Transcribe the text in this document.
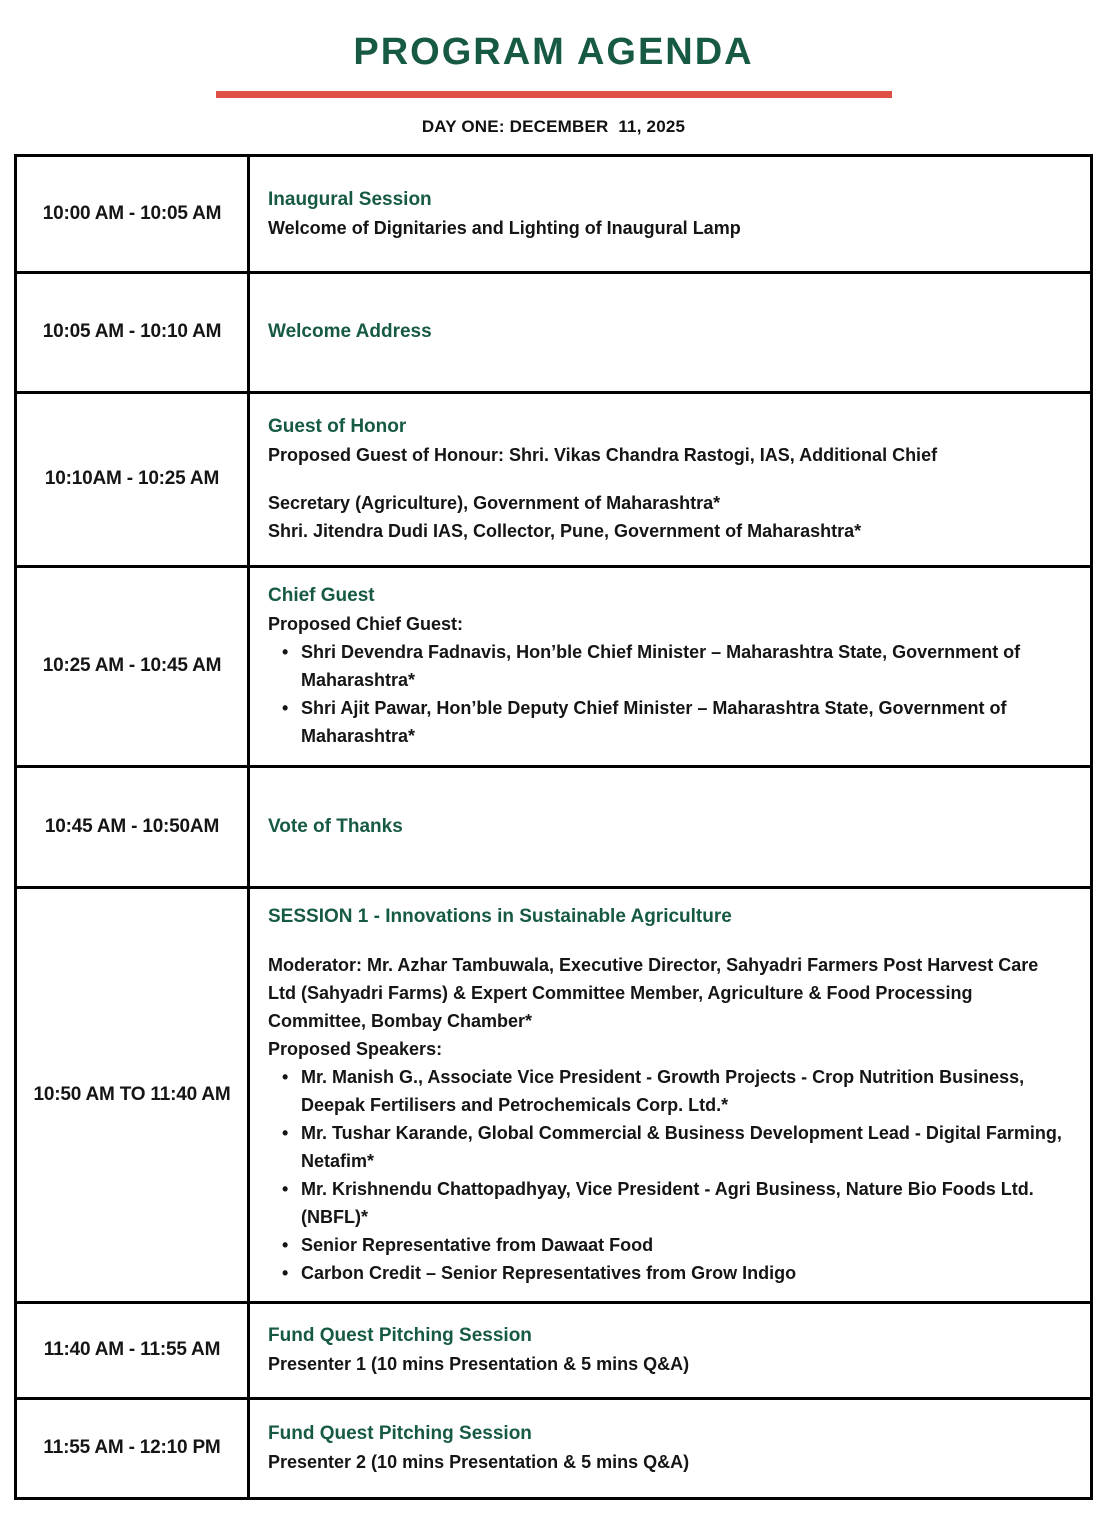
PROGRAM AGENDA
DAY ONE: DECEMBER  11, 2025
10:00 AM - 10:05 AM	Inaugural Session
Welcome of Dignitaries and Lighting of Inaugural Lamp

10:05 AM - 10:10 AM	Welcome Address

10:10AM - 10:25 AM	Guest of Honor
Proposed Guest of Honour: Shri. Vikas Chandra Rastogi, IAS, Additional Chief
Secretary (Agriculture), Government of Maharashtra*
Shri. Jitendra Dudi IAS, Collector, Pune, Government of Maharashtra*

10:25 AM - 10:45 AM	
Chief Guest
Proposed Chief Guest:
• Shri Devendra Fadnavis, Hon’ble Chief Minister – Maharashtra State, Government of Maharashtra*
• Shri Ajit Pawar, Hon’ble Deputy Chief Minister – Maharashtra State, Government of Maharashtra*

10:45 AM - 10:50AM	Vote of Thanks

10:50 AM TO 11:40 AM	
SESSION 1 - Innovations in Sustainable Agriculture
Moderator: Mr. Azhar Tambuwala, Executive Director, Sahyadri Farmers Post Harvest Care Ltd (Sahyadri Farms) & Expert Committee Member, Agriculture & Food Processing Committee, Bombay Chamber*
Proposed Speakers:
• Mr. Manish G., Associate Vice President - Growth Projects - Crop Nutrition Business, Deepak Fertilisers and Petrochemicals Corp. Ltd.*
• Mr. Tushar Karande, Global Commercial & Business Development Lead - Digital Farming, Netafim*
• Mr. Krishnendu Chattopadhyay, Vice President - Agri Business, Nature Bio Foods Ltd. (NBFL)*
• Senior Representative from Dawaat Food
• Carbon Credit – Senior Representatives from Grow Indigo

11:40 AM - 11:55 AM	Fund Quest Pitching Session
Presenter 1 (10 mins Presentation & 5 mins Q&A)

11:55 AM - 12:10 PM	Fund Quest Pitching Session
Presenter 2 (10 mins Presentation & 5 mins Q&A)
